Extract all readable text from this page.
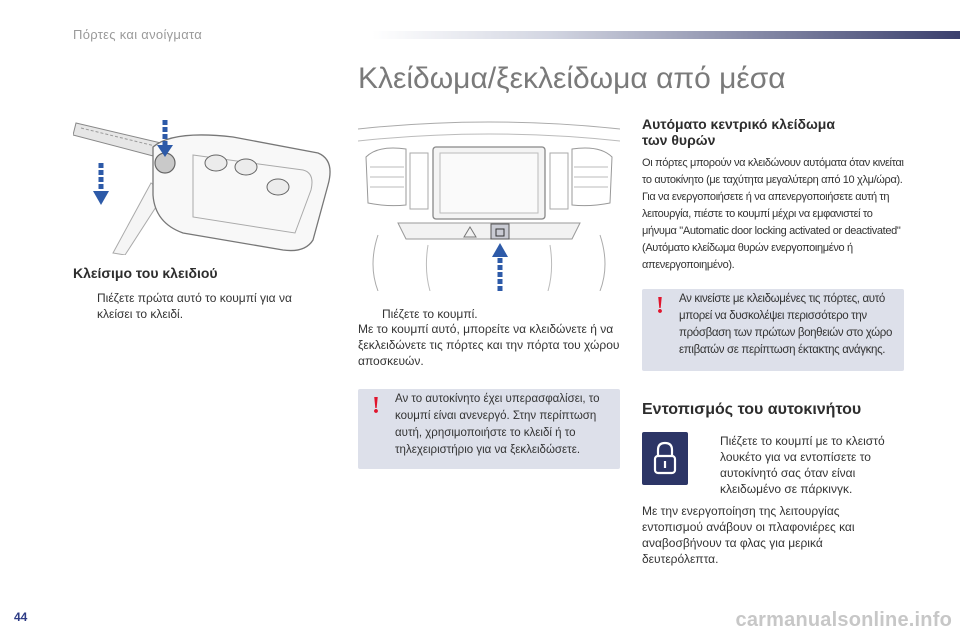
Πόρτες και ανοίγματα
Κλείδωμα/ξεκλείδωμα από μέσα
Κλείσιμο του κλειδιού
Πιέζετε πρώτα αυτό το κουμπί για να κλείσει το κλειδί.	Πιέζετε το κουμπί.
Με το κουμπί αυτό, μπορείτε να κλειδώνετε ή να ξεκλειδώνετε τις πόρτες και την πόρτα του χώρου αποσκευών.
! Αν το αυτοκίνητο έχει υπερασφαλίσει, το κουμπί είναι ανενεργό. Στην περίπτωση αυτή, χρησιμοποιήστε το κλειδί ή το τηλεχειριστήριο για να ξεκλειδώσετε.
Αυτόματο κεντρικό κλείδωμα
των θυρών
Οι πόρτες μπορούν να κλειδώνουν αυτόματα όταν κινείται το αυτοκίνητο (με ταχύτητα μεγαλύτερη από 10 χλμ/ώρα). Για να ενεργοποιήσετε ή να απενεργοποιήσετε αυτή τη λειτουργία, πιέστε το κουμπί μέχρι να εμφανιστεί το μήνυμα "Automatic door locking activated or deactivated" (Αυτόματο κλείδωμα θυρών ενεργοποιημένο ή απενεργοποιημένο).
! Αν κινείστε με κλειδωμένες τις πόρτες, αυτό μπορεί να δυσκολέψει περισσότερο την πρόσβαση των πρώτων βοηθειών στο χώρο επιβατών σε περίπτωση έκτακτης ανάγκης.
Εντοπισμός του αυτοκινήτου
Πιέζετε το κουμπί με το κλειστό λουκέτο για να εντοπίσετε το αυτοκίνητό σας όταν είναι κλειδωμένο σε πάρκινγκ.
Με την ενεργοποίηση της λειτουργίας εντοπισμού ανάβουν οι πλαφονιέρες και αναβοσβήνουν τα φλας για μερικά δευτερόλεπτα.
44	carmanualsonline.info
